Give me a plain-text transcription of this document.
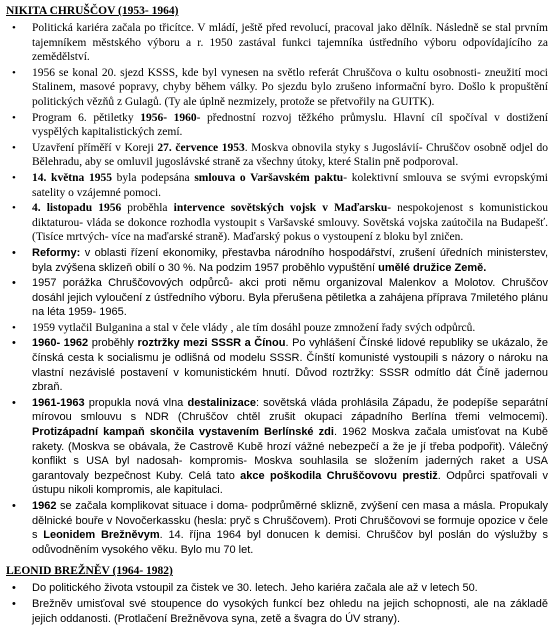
NIKITA CHRUŠČOV (1953- 1964)
• Politická kariéra začala po třicítce. V mládí, ještě před revolucí, pracoval jako dělník. Následně se stal prvním tajemníkem městského výboru a r. 1950 zastával funkci tajemníka ústředního výboru odpovídajícího za zemědělství.
• 1956 se konal 20. sjezd KSSS, kde byl vynesen na světlo referát Chruščova o kultu osobnosti- zneužití moci Stalinem, masové popravy, chyby během války. Po sjezdu bylo zrušeno informační byro. Došlo k propuštění politických vězňů z Gulagů. (Ty ale úplně nezmizely, protože se přetvořily na GUITK).
• Program 6. pětiletky 1956- 1960- přednostní rozvoj těžkého průmyslu. Hlavní cíl spočíval v dostižení vyspělých kapitalistických zemí.
• Uzavření příměří v Koreji 27. července 1953. Moskva obnovila styky s Jugoslávií- Chruščov osobně odjel do Bělehradu, aby se omluvil jugoslávské straně za všechny útoky, které Stalin pně podporoval.
• 14. května 1955 byla podepsána smlouva o Varšavském paktu- kolektivní smlouva se svými evropskými satelity o vzájemné pomoci.
• 4. listopadu 1956 proběhla intervence sovětských vojsk v Maďarsku- nespokojenost s komunistickou diktaturou- vláda se dokonce rozhodla vystoupit s Varšavské smlouvy. Sovětská vojska zaútočila na Budapešť. (Tisíce mrtvých- více na maďarské straně). Maďarský pokus o vystoupení z bloku byl zničen.
• Reformy: v oblasti řízení ekonomiky, přestavba národního hospodářství, zrušení úředních ministerstev, byla zvýšena sklizeň obilí o 30 %. Na podzim 1957 proběhlo vypuštění umělé družice Země.
• 1957 porážka Chruščovových odpůrců- akci proti němu organizoval Malenkov a Molotov. Chruščov dosáhl jejich vyloučení z ústředního výboru. Byla přerušena pětiletka a zahájena příprava 7miletého plánu na léta 1959- 1965.
• 1959 vytlačil Bulganina a stal v čele vlády , ale tím dosáhl pouze zmnožení řady svých odpůrců.
• 1960- 1962 proběhly roztržky mezi SSSR a Čínou. Po vyhlášení Čínské lidové republiky se ukázalo, že čínská cesta k socialismu je odlišná od modelu SSSR. Čínští komunisté vystoupili s názory o nároku na vlastní nezávislé postavení v komunistickém hnutí. Důvod roztržky: SSSR odmítlo dát Číně jadernou zbraň.
• 1961-1963 propukla nová vlna destalinizace: sovětská vláda prohlásila Západu, že podepíše separátní mírovou smlouvu s NDR (Chruščov chtěl zrušit okupaci západního Berlína třemi velmocemi). Protizápadní kampaň skončila vystavením Berlínské zdi. 1962 Moskva začala umisťovat na Kubě rakety. (Moskva se obávala, že Castrově Kubě hrozí vážné nebezpečí a že je jí třeba podpořit). Válečný konflikt s USA byl nadosah- kompromis- Moskva souhlasila se složením jaderných raket a USA garantovaly bezpečnost Kuby. Celá tato akce poškodila Chruščovovu prestiž. Odpůrci spatřovali v ústupu nikoli kompromis, ale kapitulaci.
• 1962 se začala komplikovat situace i doma- podprůměrné sklizně, zvýšení cen masa a másla. Propukaly dělnické bouře v Novočerkassku (hesla: pryč s Chruščovem). Proti Chruščovovi se formuje opozice v čele s Leonidem Brežněvym. 14. října 1964 byl donucen k demisi. Chruščov byl poslán do výslužby s odůvodněním vysokého věku. Bylo mu 70 let.
LEONID BREŽNĚV (1964- 1982)
• Do politického života vstoupil za čistek ve 30. letech. Jeho kariéra začala ale až v letech 50.
• Brežněv umisťoval své stoupence do vysokých funkcí bez ohledu na jejich schopnosti, ale na základě jejich oddanosti. (Protlačení Brežněvova syna, zetě a švagra do ÚV strany).
